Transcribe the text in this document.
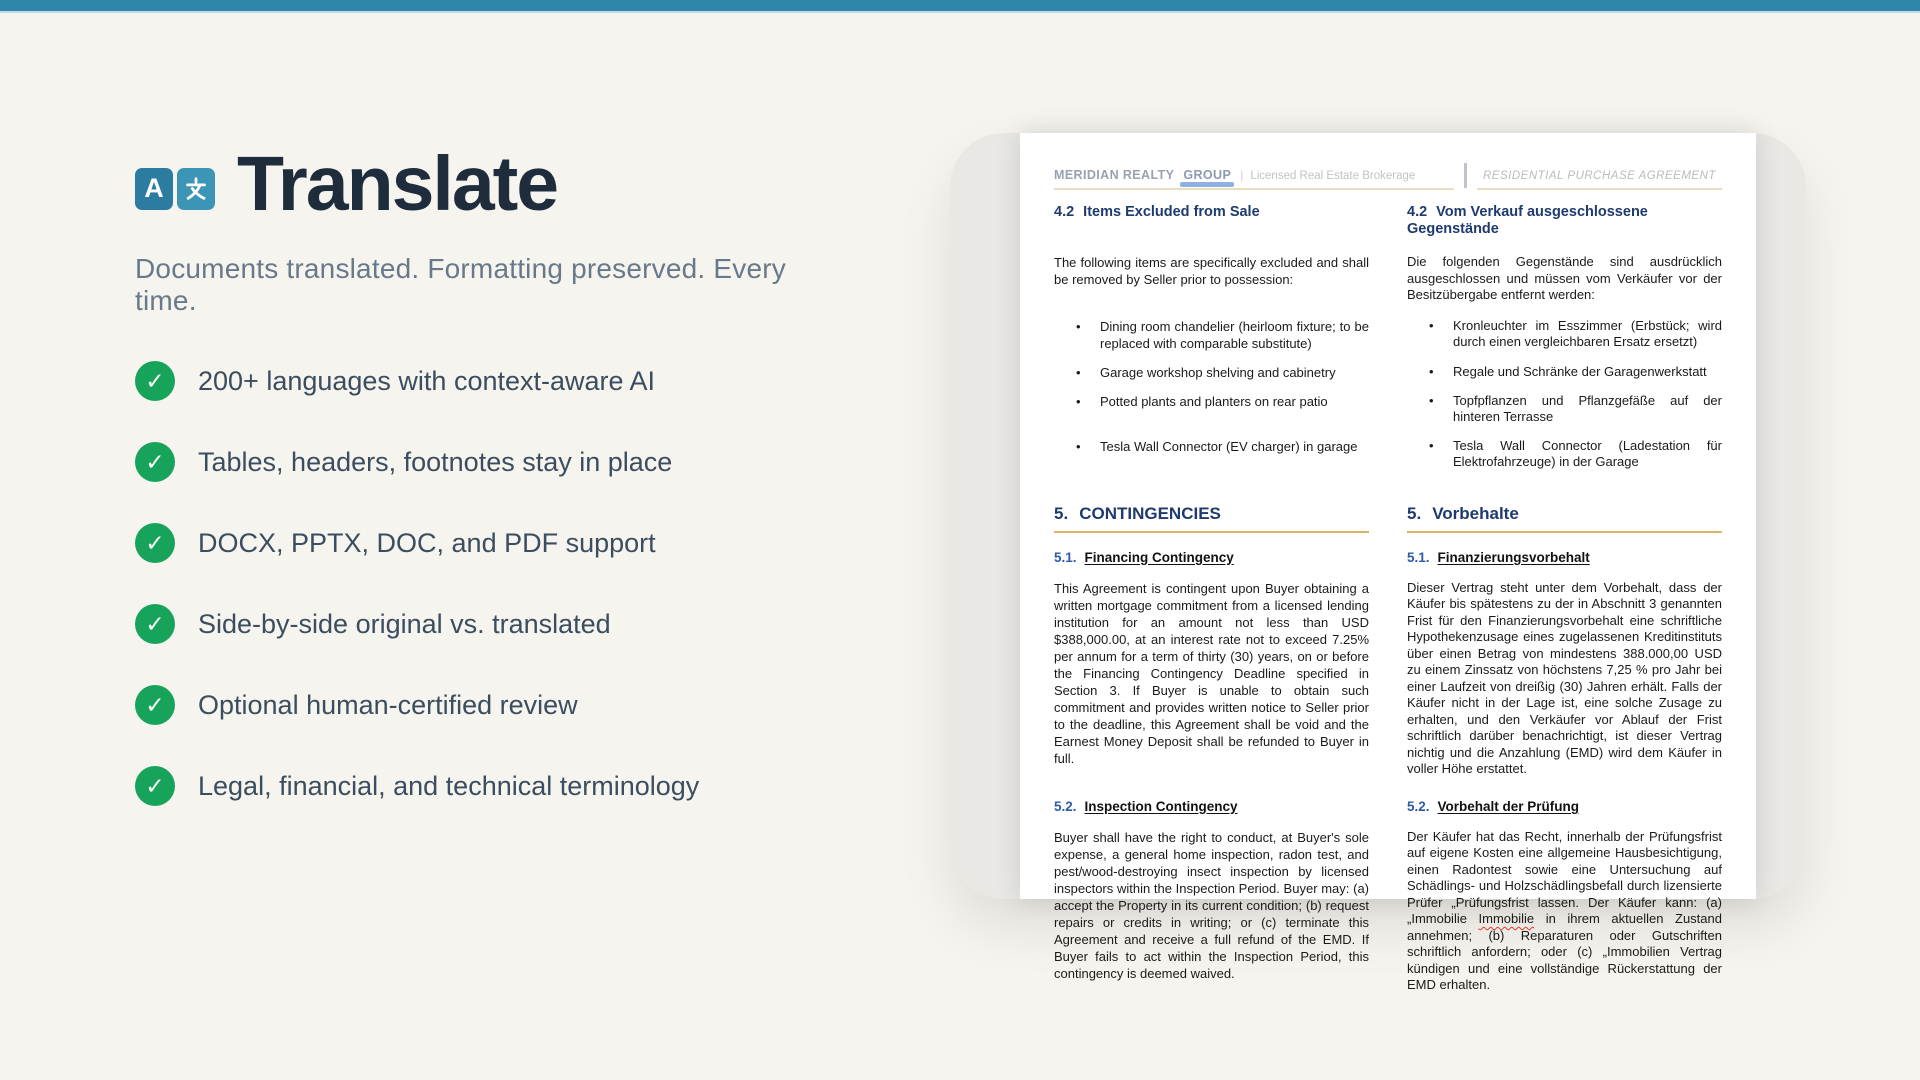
A Translate
Documents translated. Formatting preserved. Every time.
✓	200+ languages with context-aware AI
✓	Tables, headers, footnotes stay in place
✓	DOCX, PPTX, DOC, and PDF support
✓	Side-by-side original vs. translated
✓	Optional human-certified review
✓	Legal, financial, and technical terminology
MERIDIAN REALTY GROUP | Licensed Real Estate Brokerage	RESIDENTIAL PURCHASE AGREEMENT
4.2 Items Excluded from Sale	4.2 Vom Verkauf ausgeschlossene Gegenstände
The following items are specifically excluded and shall be removed by Seller prior to possession:
Die folgenden Gegenstände sind ausdrücklich ausgeschlossen und müssen vom Verkäufer vor der Besitzübergabe entfernt werden:
•	Dining room chandelier (heirloom fixture; to be replaced with comparable substitute)
•	Kronleuchter im Esszimmer (Erbstück; wird durch einen vergleichbaren Ersatz ersetzt)
•	Garage workshop shelving and cabinetry	•	Regale und Schränke der Garagenwerkstatt
•	Potted plants and planters on rear patio	•	Topfpflanzen und Pflanzgefäße auf der hinteren Terrasse
•	Tesla Wall Connector (EV charger) in garage	•	Tesla Wall Connector (Ladestation für Elektrofahrzeuge) in der Garage
5. CONTINGENCIES	5. Vorbehalte
5.1. Financing Contingency	5.1. Finanzierungsvorbehalt
This Agreement is contingent upon Buyer obtaining a written mortgage commitment from a licensed lending institution for an amount not less than USD $388,000.00, at an interest rate not to exceed 7.25% per annum for a term of thirty (30) years, on or before the Financing Contingency Deadline specified in Section 3. If Buyer is unable to obtain such commitment and provides written notice to Seller prior to the deadline, this Agreement shall be void and the Earnest Money Deposit shall be refunded to Buyer in full.
Dieser Vertrag steht unter dem Vorbehalt, dass der Käufer bis spätestens zu der in Abschnitt 3 genannten Frist für den Finanzierungsvorbehalt eine schriftliche Hypothekenzusage eines zugelassenen Kreditinstituts über einen Betrag von mindestens 388.000,00 USD zu einem Zinssatz von höchstens 7,25 % pro Jahr bei einer Laufzeit von dreißig (30) Jahren erhält. Falls der Käufer nicht in der Lage ist, eine solche Zusage zu erhalten, und den Verkäufer vor Ablauf der Frist schriftlich darüber benachrichtigt, ist dieser Vertrag nichtig und die Anzahlung (EMD) wird dem Käufer in voller Höhe erstattet.
5.2. Inspection Contingency	5.2. Vorbehalt der Prüfung
Buyer shall have the right to conduct, at Buyer's sole expense, a general home inspection, radon test, and pest/wood-destroying insect inspection by licensed inspectors within the Inspection Period. Buyer may: (a) accept the Property in its current condition; (b) request repairs or credits in writing; or (c) terminate this Agreement and receive a full refund of the EMD. If Buyer fails to act within the Inspection Period, this contingency is deemed waived.
Der Käufer hat das Recht, innerhalb der Prüfungsfrist auf eigene Kosten eine allgemeine Hausbesichtigung, einen Radontest sowie eine Untersuchung auf Schädlings- und Holzschädlingsbefall durch lizensierte Prüfer „Prüfungsfrist lassen. Der Käufer kann: (a) „Immobilie Immobilie in ihrem aktuellen Zustand annehmen; (b) Reparaturen oder Gutschriften schriftlich anfordern; oder (c) „Immobilien Vertrag kündigen und eine vollständige Rückerstattung der EMD erhalten.
